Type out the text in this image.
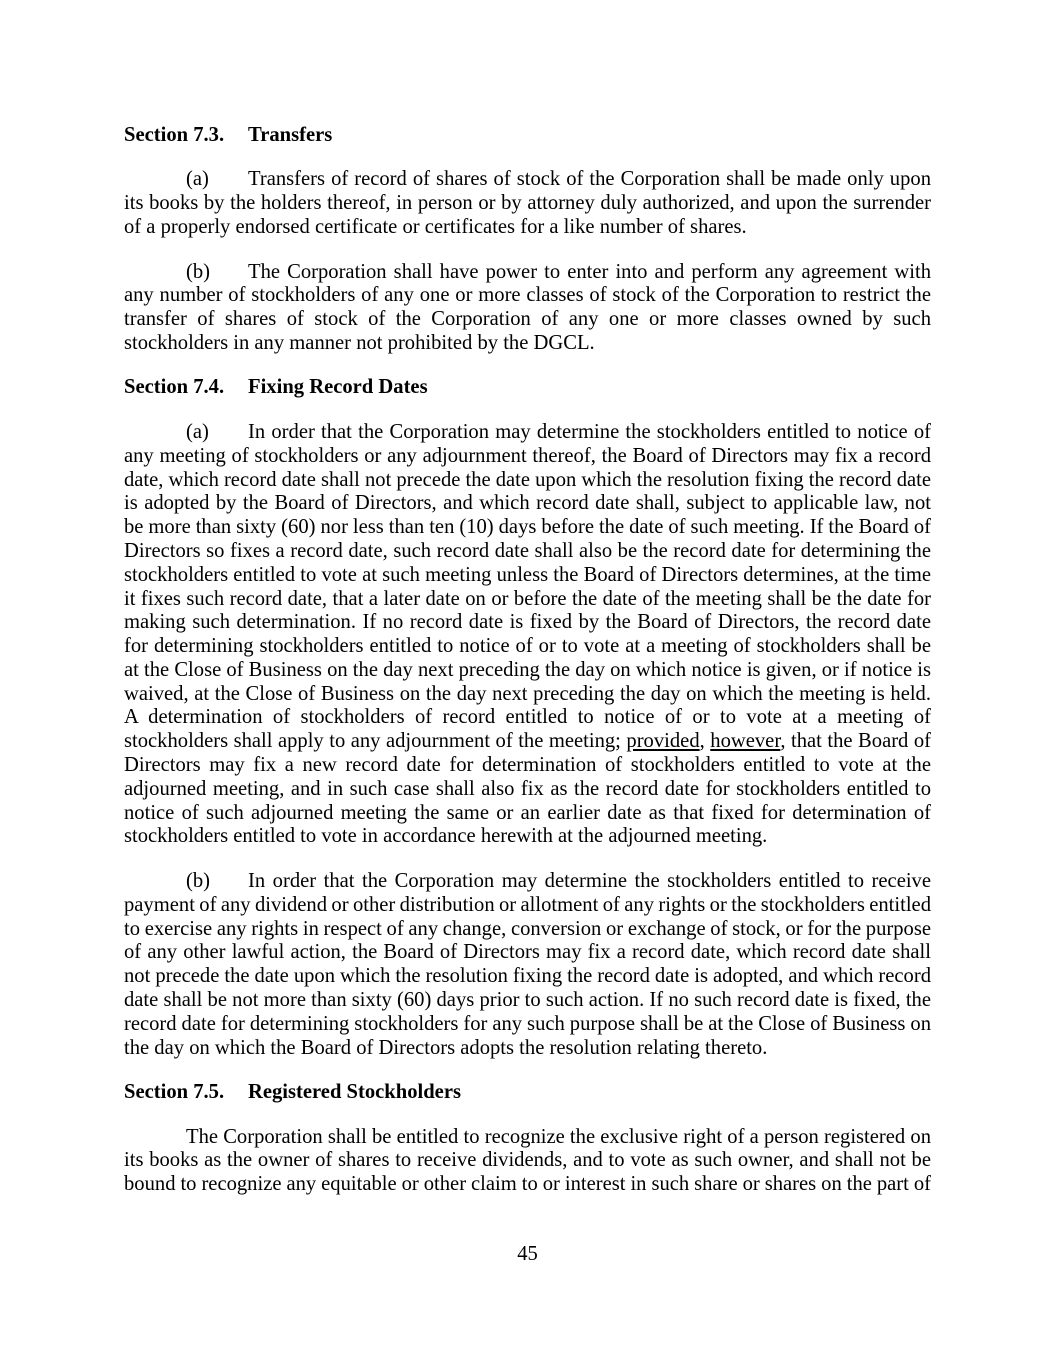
Section 7.3. Transfers
(a) Transfers of record of shares of stock of the Corporation shall be made only upon
its books by the holders thereof, in person or by attorney duly authorized, and upon the surrender
of a properly endorsed certificate or certificates for a like number of shares.
(b) The Corporation shall have power to enter into and perform any agreement with
any number of stockholders of any one or more classes of stock of the Corporation to restrict the
transfer of shares of stock of the Corporation of any one or more classes owned by such
stockholders in any manner not prohibited by the DGCL.
Section 7.4. Fixing Record Dates
(a) In order that the Corporation may determine the stockholders entitled to notice of
any meeting of stockholders or any adjournment thereof, the Board of Directors may fix a record
date, which record date shall not precede the date upon which the resolution fixing the record date
is adopted by the Board of Directors, and which record date shall, subject to applicable law, not
be more than sixty (60) nor less than ten (10) days before the date of such meeting. If the Board of
Directors so fixes a record date, such record date shall also be the record date for determining the
stockholders entitled to vote at such meeting unless the Board of Directors determines, at the time
it fixes such record date, that a later date on or before the date of the meeting shall be the date for
making such determination. If no record date is fixed by the Board of Directors, the record date
for determining stockholders entitled to notice of or to vote at a meeting of stockholders shall be
at the Close of Business on the day next preceding the day on which notice is given, or if notice is
waived, at the Close of Business on the day next preceding the day on which the meeting is held.
A determination of stockholders of record entitled to notice of or to vote at a meeting of
stockholders shall apply to any adjournment of the meeting; provided, however, that the Board of
Directors may fix a new record date for determination of stockholders entitled to vote at the
adjourned meeting, and in such case shall also fix as the record date for stockholders entitled to
notice of such adjourned meeting the same or an earlier date as that fixed for determination of
stockholders entitled to vote in accordance herewith at the adjourned meeting.
(b) In order that the Corporation may determine the stockholders entitled to receive
payment of any dividend or other distribution or allotment of any rights or the stockholders entitled
to exercise any rights in respect of any change, conversion or exchange of stock, or for the purpose
of any other lawful action, the Board of Directors may fix a record date, which record date shall
not precede the date upon which the resolution fixing the record date is adopted, and which record
date shall be not more than sixty (60) days prior to such action. If no such record date is fixed, the
record date for determining stockholders for any such purpose shall be at the Close of Business on
the day on which the Board of Directors adopts the resolution relating thereto.
Section 7.5. Registered Stockholders
The Corporation shall be entitled to recognize the exclusive right of a person registered on
its books as the owner of shares to receive dividends, and to vote as such owner, and shall not be
bound to recognize any equitable or other claim to or interest in such share or shares on the part of
45
